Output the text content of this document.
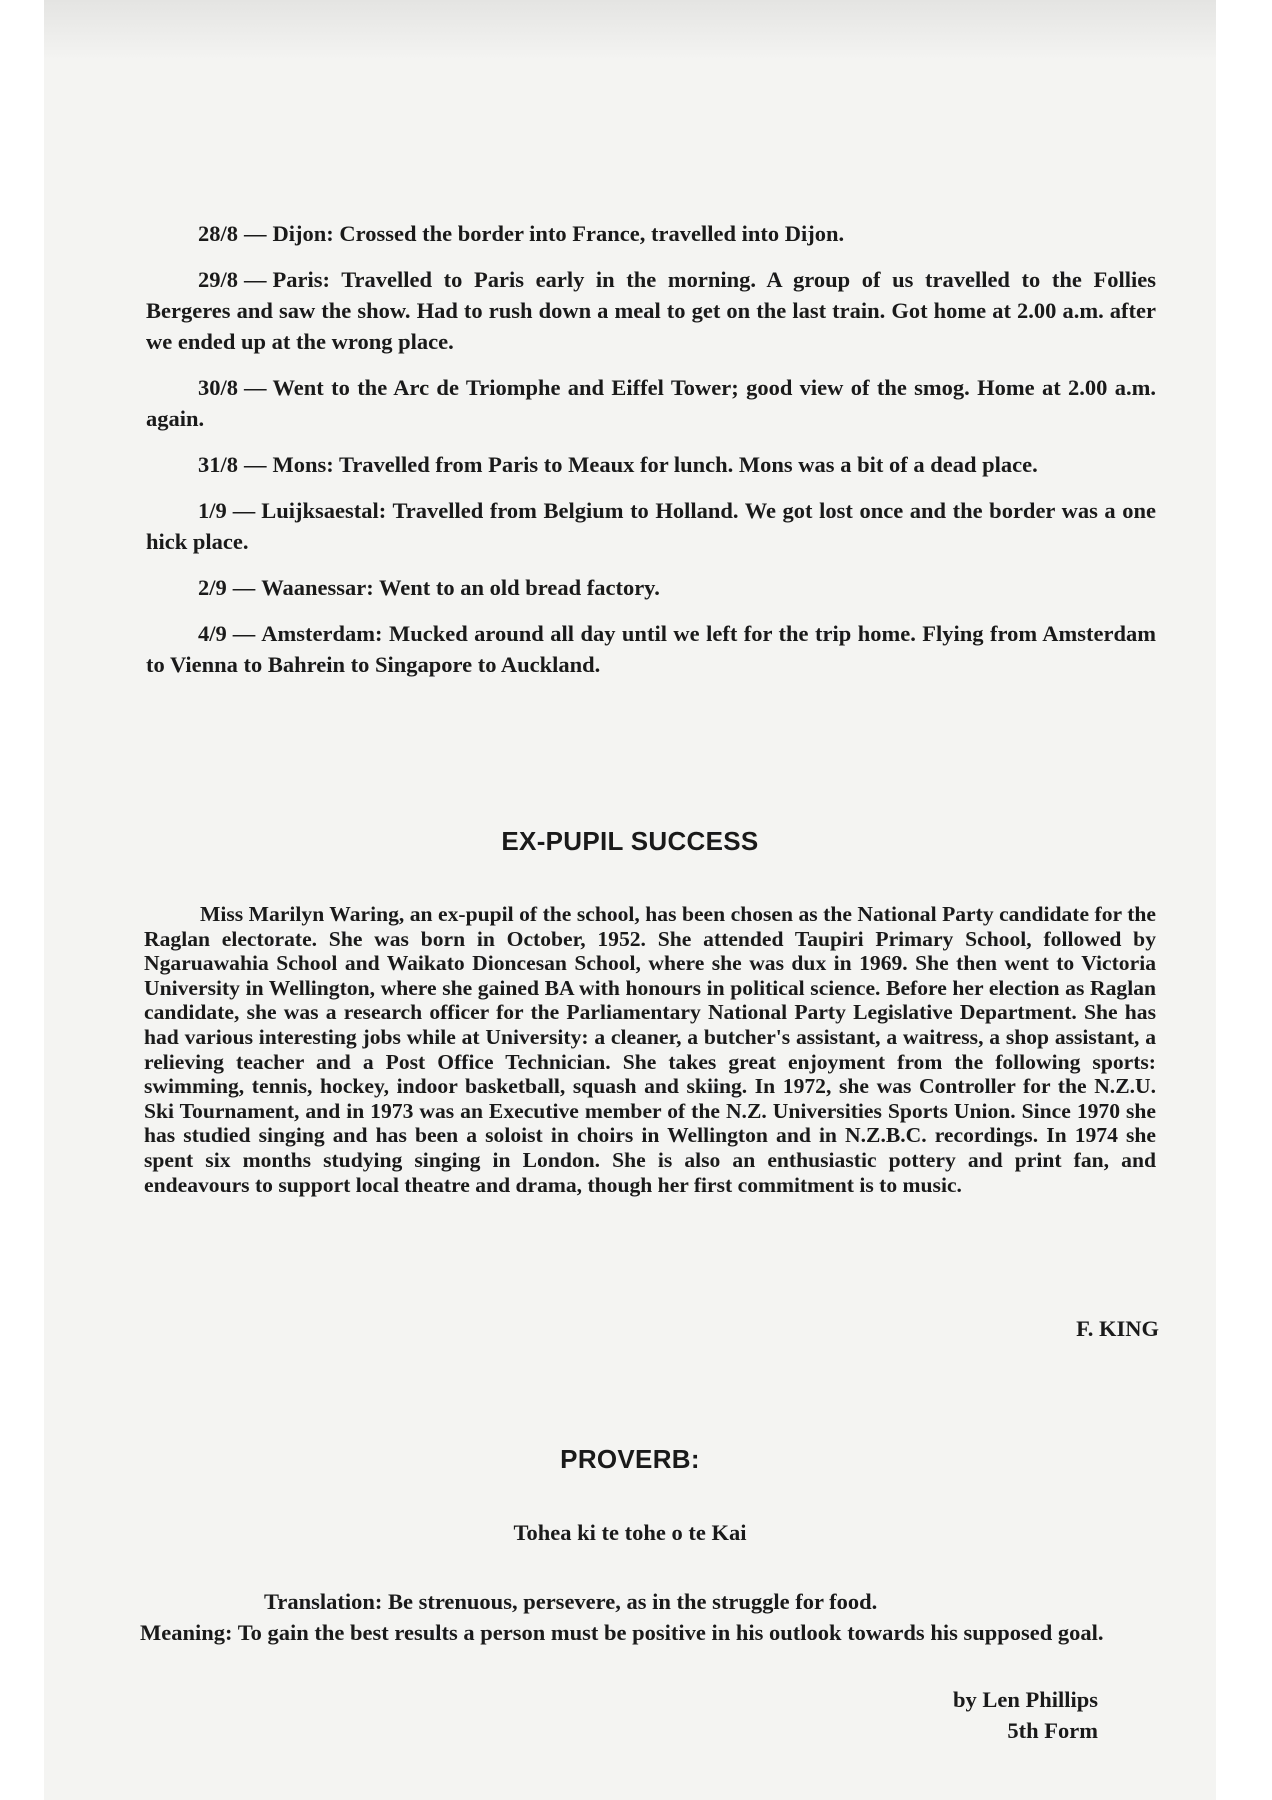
28/8 — Dijon: Crossed the border into France, travelled into Dijon.

29/8 — Paris: Travelled to Paris early in the morning. A group of us travelled to the Follies Bergeres and saw the show. Had to rush down a meal to get on the last train. Got home at 2.00 a.m. after we ended up at the wrong place.

30/8 — Went to the Arc de Triomphe and Eiffel Tower; good view of the smog. Home at 2.00 a.m. again.

31/8 — Mons: Travelled from Paris to Meaux for lunch. Mons was a bit of a dead place.

1/9 — Luijksaestal: Travelled from Belgium to Holland. We got lost once and the border was a one hick place.

2/9 — Waanessar: Went to an old bread factory.

4/9 — Amsterdam: Mucked around all day until we left for the trip home. Flying from Amsterdam to Vienna to Bahrein to Singapore to Auckland.

EX-PUPIL SUCCESS

Miss Marilyn Waring, an ex-pupil of the school, has been chosen as the National Party candidate for the Raglan electorate. She was born in October, 1952. She attended Taupiri Primary School, followed by Ngaruawahia School and Waikato Dioncesan School, where she was dux in 1969. She then went to Victoria University in Wellington, where she gained BA with honours in political science. Before her election as Raglan candidate, she was a research officer for the Parliamentary National Party Legislative Department. She has had various interesting jobs while at University: a cleaner, a butcher's assistant, a waitress, a shop assistant, a relieving teacher and a Post Office Technician. She takes great enjoyment from the following sports: swimming, tennis, hockey, indoor basketball, squash and skiing. In 1972, she was Controller for the N.Z.U. Ski Tournament, and in 1973 was an Executive member of the N.Z. Universities Sports Union. Since 1970 she has studied singing and has been a soloist in choirs in Wellington and in N.Z.B.C. recordings. In 1974 she spent six months studying singing in London. She is also an enthusiastic pottery and print fan, and endeavours to support local theatre and drama, though her first commitment is to music.

F. KING

PROVERB:

Tohea ki te tohe o te Kai

Translation: Be strenuous, persevere, as in the struggle for food.
Meaning: To gain the best results a person must be positive in his outlook towards his supposed goal.

by Len Phillips
5th Form
